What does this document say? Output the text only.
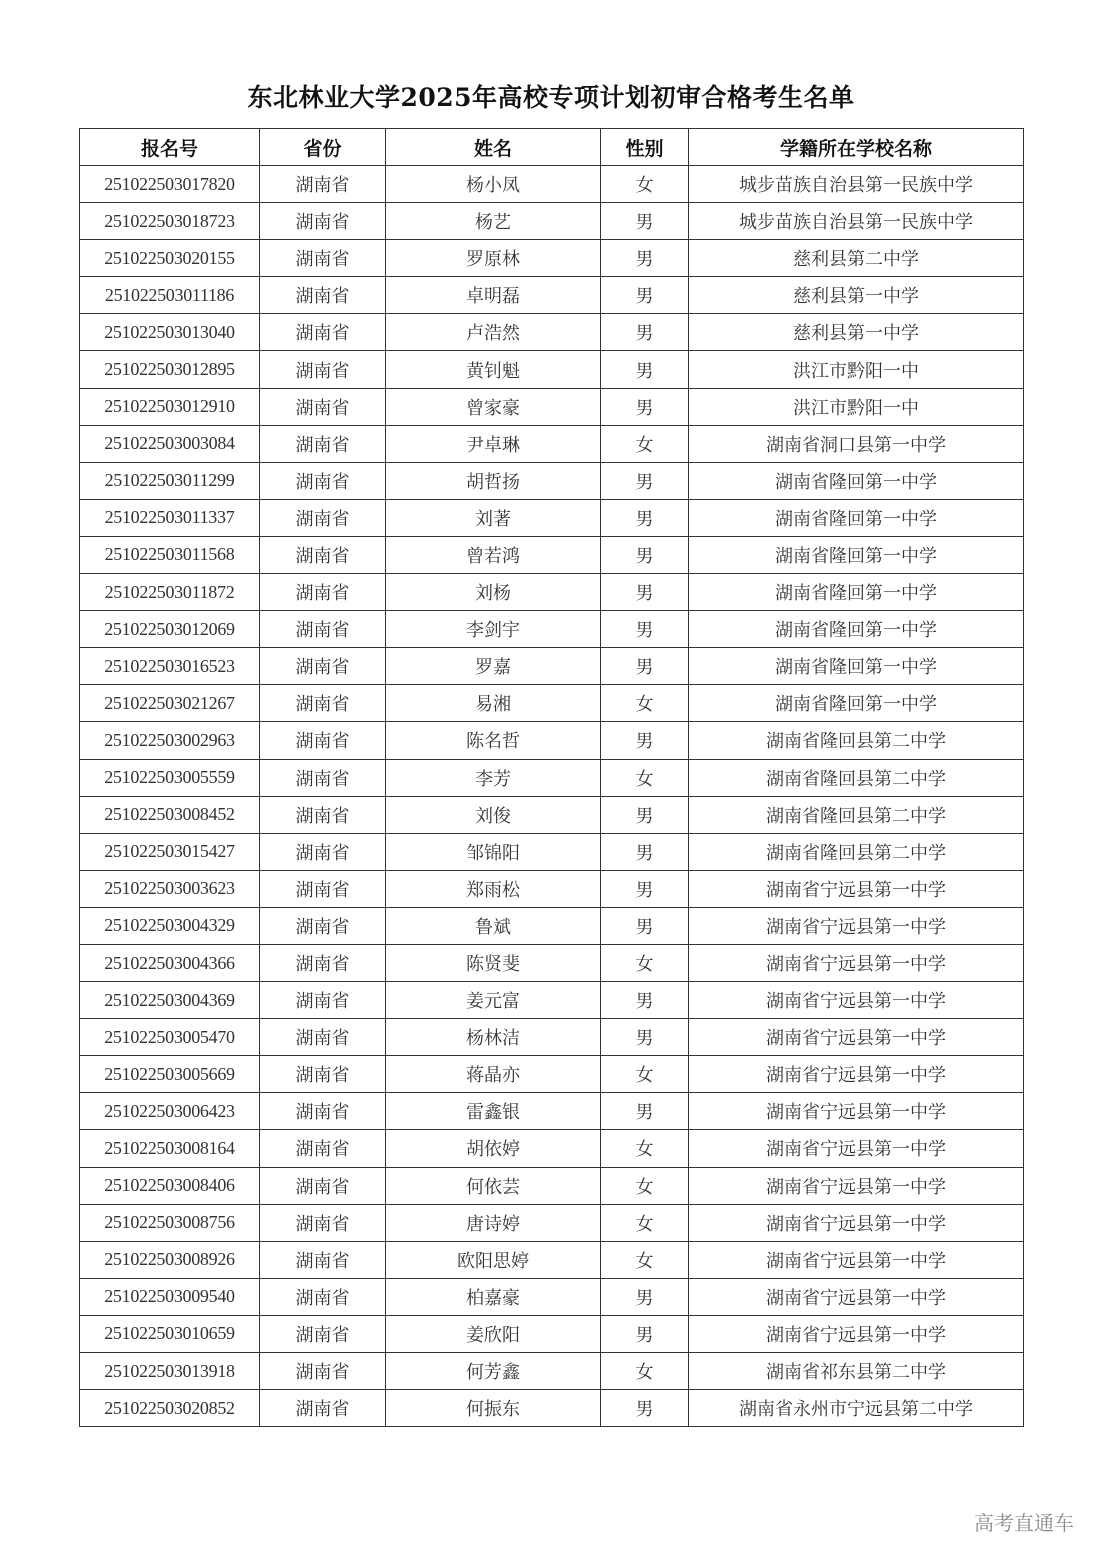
东北林业大学2025年高校专项计划初审合格考生名单
报名号	省份	姓名	性别	学籍所在学校名称
251022503017820	湖南省	杨小凤	女	城步苗族自治县第一民族中学
251022503018723	湖南省	杨艺	男	城步苗族自治县第一民族中学
251022503020155	湖南省	罗原林	男	慈利县第二中学
251022503011186	湖南省	卓明磊	男	慈利县第一中学
251022503013040	湖南省	卢浩然	男	慈利县第一中学
251022503012895	湖南省	黄钊魁	男	洪江市黔阳一中
251022503012910	湖南省	曾家豪	男	洪江市黔阳一中
251022503003084	湖南省	尹卓琳	女	湖南省洞口县第一中学
251022503011299	湖南省	胡哲扬	男	湖南省隆回第一中学
251022503011337	湖南省	刘著	男	湖南省隆回第一中学
251022503011568	湖南省	曾若鸿	男	湖南省隆回第一中学
251022503011872	湖南省	刘杨	男	湖南省隆回第一中学
251022503012069	湖南省	李剑宇	男	湖南省隆回第一中学
251022503016523	湖南省	罗嘉	男	湖南省隆回第一中学
251022503021267	湖南省	易湘	女	湖南省隆回第一中学
251022503002963	湖南省	陈名哲	男	湖南省隆回县第二中学
251022503005559	湖南省	李芳	女	湖南省隆回县第二中学
251022503008452	湖南省	刘俊	男	湖南省隆回县第二中学
251022503015427	湖南省	邹锦阳	男	湖南省隆回县第二中学
251022503003623	湖南省	郑雨松	男	湖南省宁远县第一中学
251022503004329	湖南省	鲁斌	男	湖南省宁远县第一中学
251022503004366	湖南省	陈贤斐	女	湖南省宁远县第一中学
251022503004369	湖南省	姜元富	男	湖南省宁远县第一中学
251022503005470	湖南省	杨林洁	男	湖南省宁远县第一中学
251022503005669	湖南省	蒋晶亦	女	湖南省宁远县第一中学
251022503006423	湖南省	雷鑫银	男	湖南省宁远县第一中学
251022503008164	湖南省	胡依婷	女	湖南省宁远县第一中学
251022503008406	湖南省	何依芸	女	湖南省宁远县第一中学
251022503008756	湖南省	唐诗婷	女	湖南省宁远县第一中学
251022503008926	湖南省	欧阳思婷	女	湖南省宁远县第一中学
251022503009540	湖南省	柏嘉豪	男	湖南省宁远县第一中学
251022503010659	湖南省	姜欣阳	男	湖南省宁远县第一中学
251022503013918	湖南省	何芳鑫	女	湖南省祁东县第二中学
251022503020852	湖南省	何振东	男	湖南省永州市宁远县第二中学
高考直通车
